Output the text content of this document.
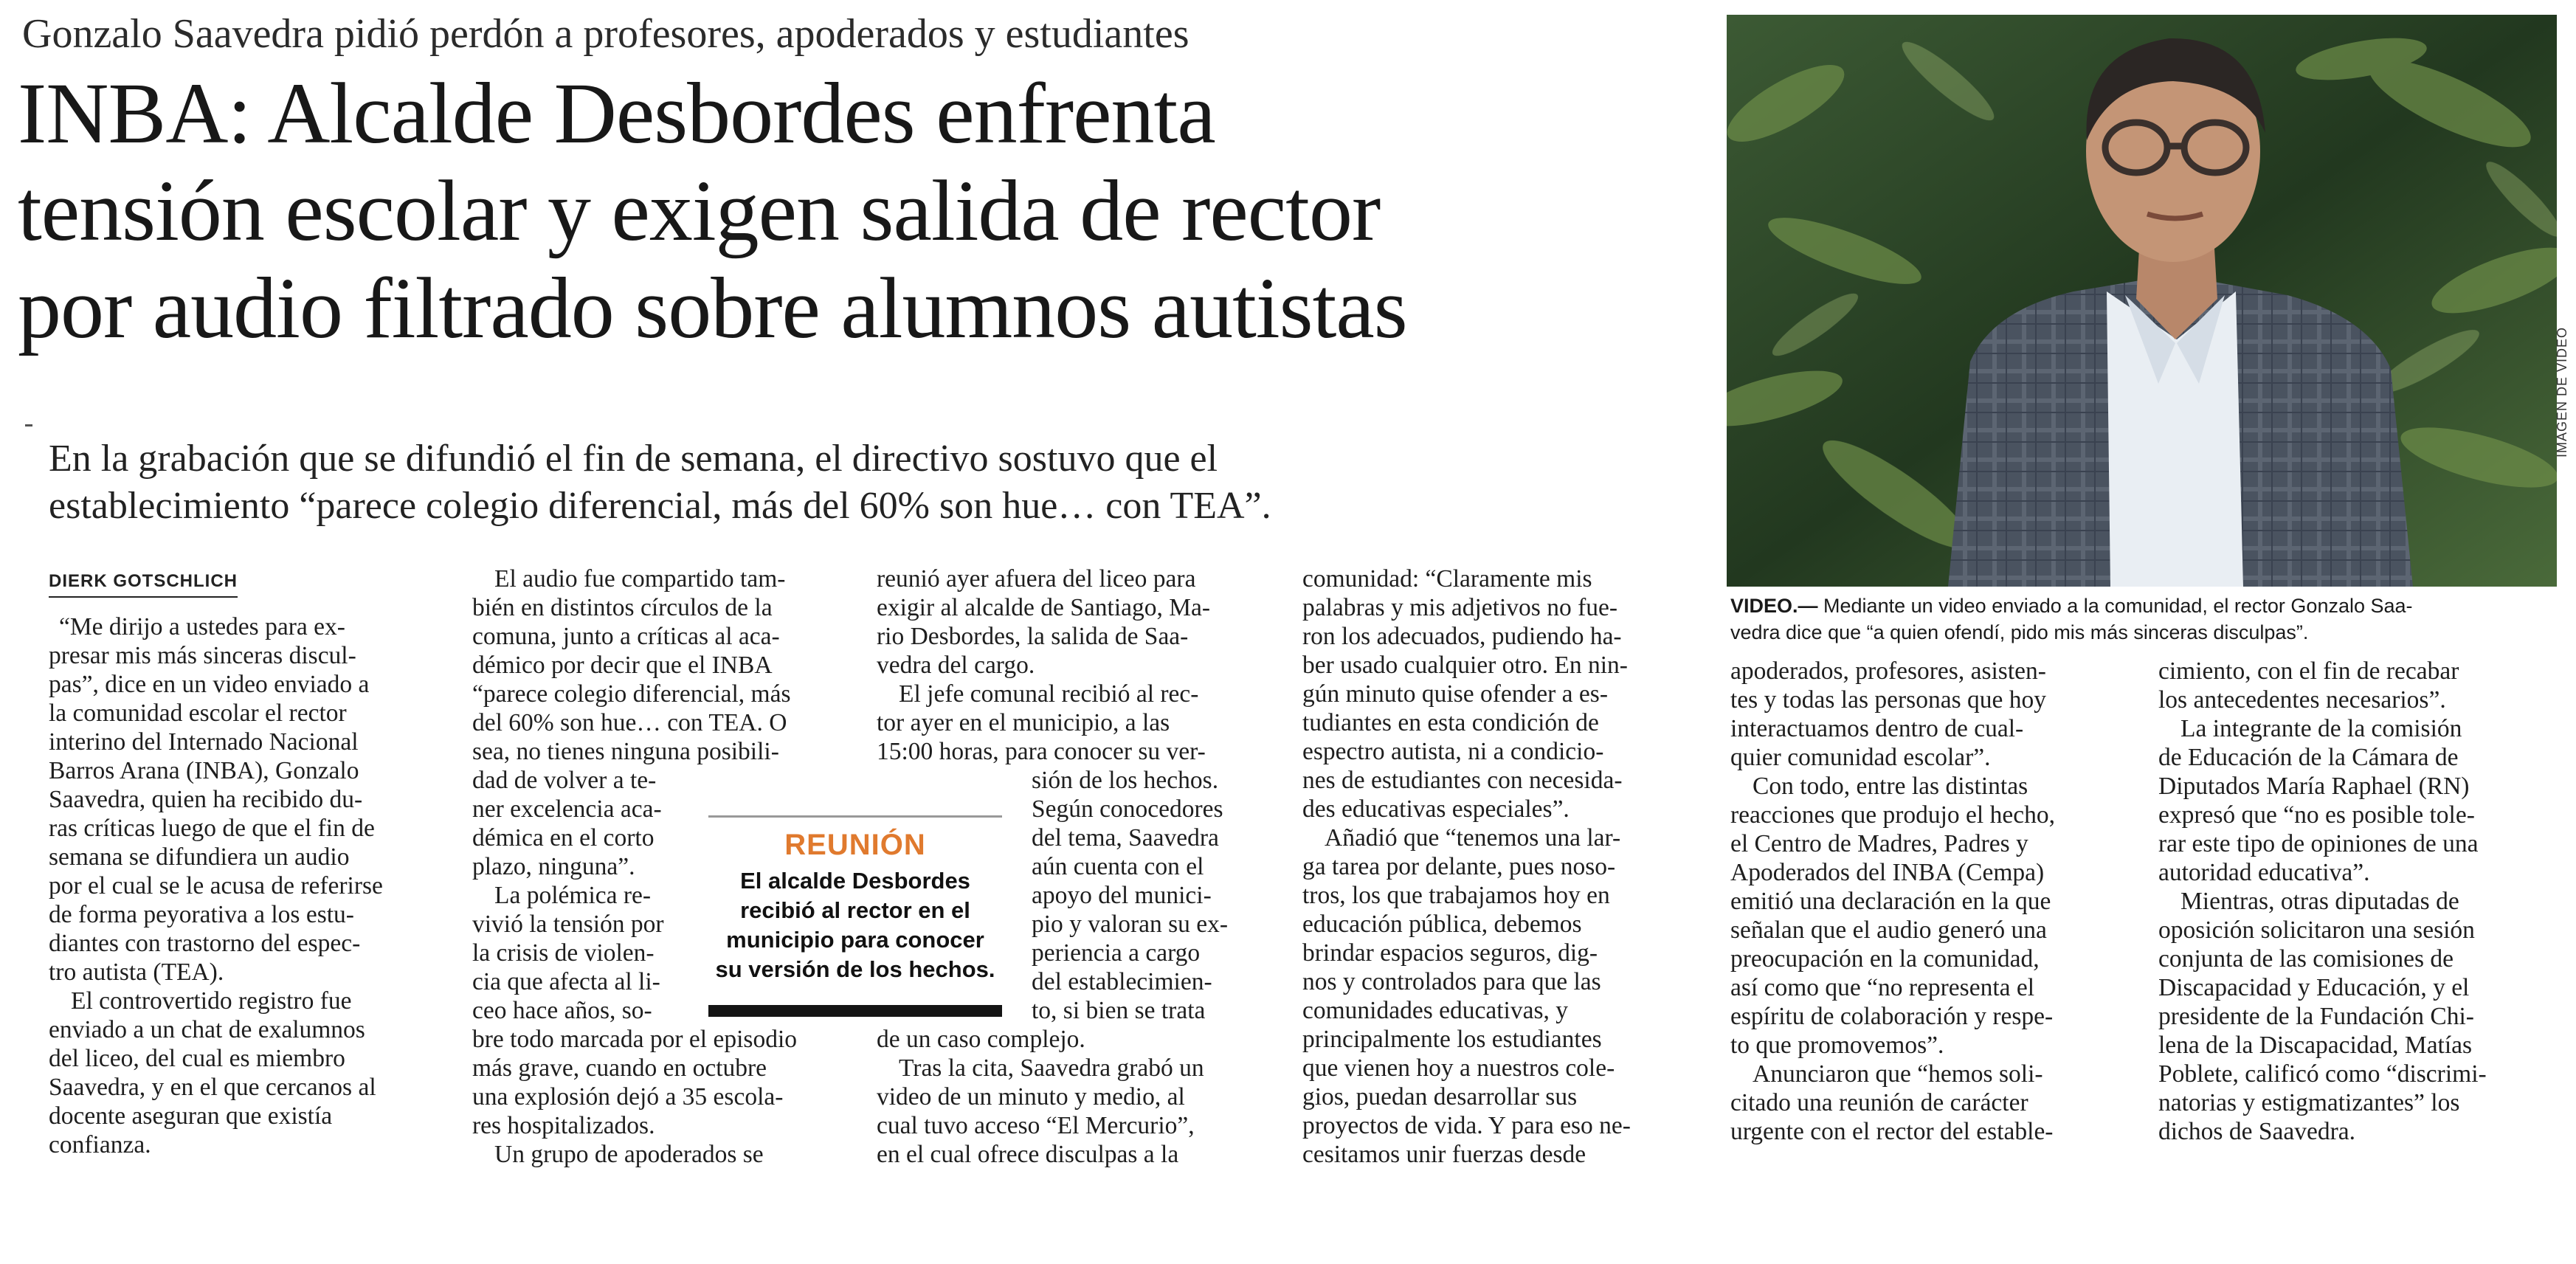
Gonzalo Saavedra pidió perdón a profesores, apoderados y estudiantes
INBA: Alcalde Desbordes enfrenta
tensión escolar y exigen salida de rector
por audio filtrado sobre alumnos autistas
En la grabación que se difundió el fin de semana, el directivo sostuvo que el
establecimiento “parece colegio diferencial, más del 60% son hue… con TEA”.
IMAGEN DE VIDEO
VIDEO.— Mediante un video enviado a la comunidad, el rector Gonzalo Saa-
vedra dice que “a quien ofendí, pido mis más sinceras disculpas”.
DIERK GOTSCHLICH
“Me dirijo a ustedes para ex-
presar mis más sinceras discul-
pas”, dice en un video enviado a
la comunidad escolar el rector
interino del Internado Nacional
Barros Arana (INBA), Gonzalo
Saavedra, quien ha recibido du-
ras críticas luego de que el fin de
semana se difundiera un audio
por el cual se le acusa de referirse
de forma peyorativa a los estu-
diantes con trastorno del espec-
tro autista (TEA).
El controvertido registro fue
enviado a un chat de exalumnos
del liceo, del cual es miembro
Saavedra, y en el que cercanos al
docente aseguran que existía
confianza.
El audio fue compartido tam-
bién en distintos círculos de la
comuna, junto a críticas al aca-
démico por decir que el INBA
“parece colegio diferencial, más
del 60% son hue… con TEA. O
sea, no tienes ninguna posibili-
dad de volver a te-
ner excelencia aca-
démica en el corto
plazo, ninguna”.
La polémica re-
vivió la tensión por
la crisis de violen-
cia que afecta al li-
ceo hace años, so-
bre todo marcada por el episodio
más grave, cuando en octubre
una explosión dejó a 35 escola-
res hospitalizados.
Un grupo de apoderados se
REUNIÓN
El alcalde Desbordes
recibió al rector en el
municipio para conocer
su versión de los hechos.
reunió ayer afuera del liceo para
exigir al alcalde de Santiago, Ma-
rio Desbordes, la salida de Saa-
vedra del cargo.
El jefe comunal recibió al rec-
tor ayer en el municipio, a las
15:00 horas, para conocer su ver-
sión de los hechos.
Según conocedores
del tema, Saavedra
aún cuenta con el
apoyo del munici-
pio y valoran su ex-
periencia a cargo
del establecimien-
to, si bien se trata
de un caso complejo.
Tras la cita, Saavedra grabó un
video de un minuto y medio, al
cual tuvo acceso “El Mercurio”,
en el cual ofrece disculpas a la
comunidad: “Claramente mis
palabras y mis adjetivos no fue-
ron los adecuados, pudiendo ha-
ber usado cualquier otro. En nin-
gún minuto quise ofender a es-
tudiantes en esta condición de
espectro autista, ni a condicio-
nes de estudiantes con necesida-
des educativas especiales”.
Añadió que “tenemos una lar-
ga tarea por delante, pues noso-
tros, los que trabajamos hoy en
educación pública, debemos
brindar espacios seguros, dig-
nos y controlados para que las
comunidades educativas, y
principalmente los estudiantes
que vienen hoy a nuestros cole-
gios, puedan desarrollar sus
proyectos de vida. Y para eso ne-
cesitamos unir fuerzas desde
apoderados, profesores, asisten-
tes y todas las personas que hoy
interactuamos dentro de cual-
quier comunidad escolar”.
Con todo, entre las distintas
reacciones que produjo el hecho,
el Centro de Madres, Padres y
Apoderados del INBA (Cempa)
emitió una declaración en la que
señalan que el audio generó una
preocupación en la comunidad,
así como que “no representa el
espíritu de colaboración y respe-
to que promovemos”.
Anunciaron que “hemos soli-
citado una reunión de carácter
urgente con el rector del estable-
cimiento, con el fin de recabar
los antecedentes necesarios”.
La integrante de la comisión
de Educación de la Cámara de
Diputados María Raphael (RN)
expresó que “no es posible tole-
rar este tipo de opiniones de una
autoridad educativa”.
Mientras, otras diputadas de
oposición solicitaron una sesión
conjunta de las comisiones de
Discapacidad y Educación, y el
presidente de la Fundación Chi-
lena de la Discapacidad, Matías
Poblete, calificó como “discrimi-
natorias y estigmatizantes” los
dichos de Saavedra.
